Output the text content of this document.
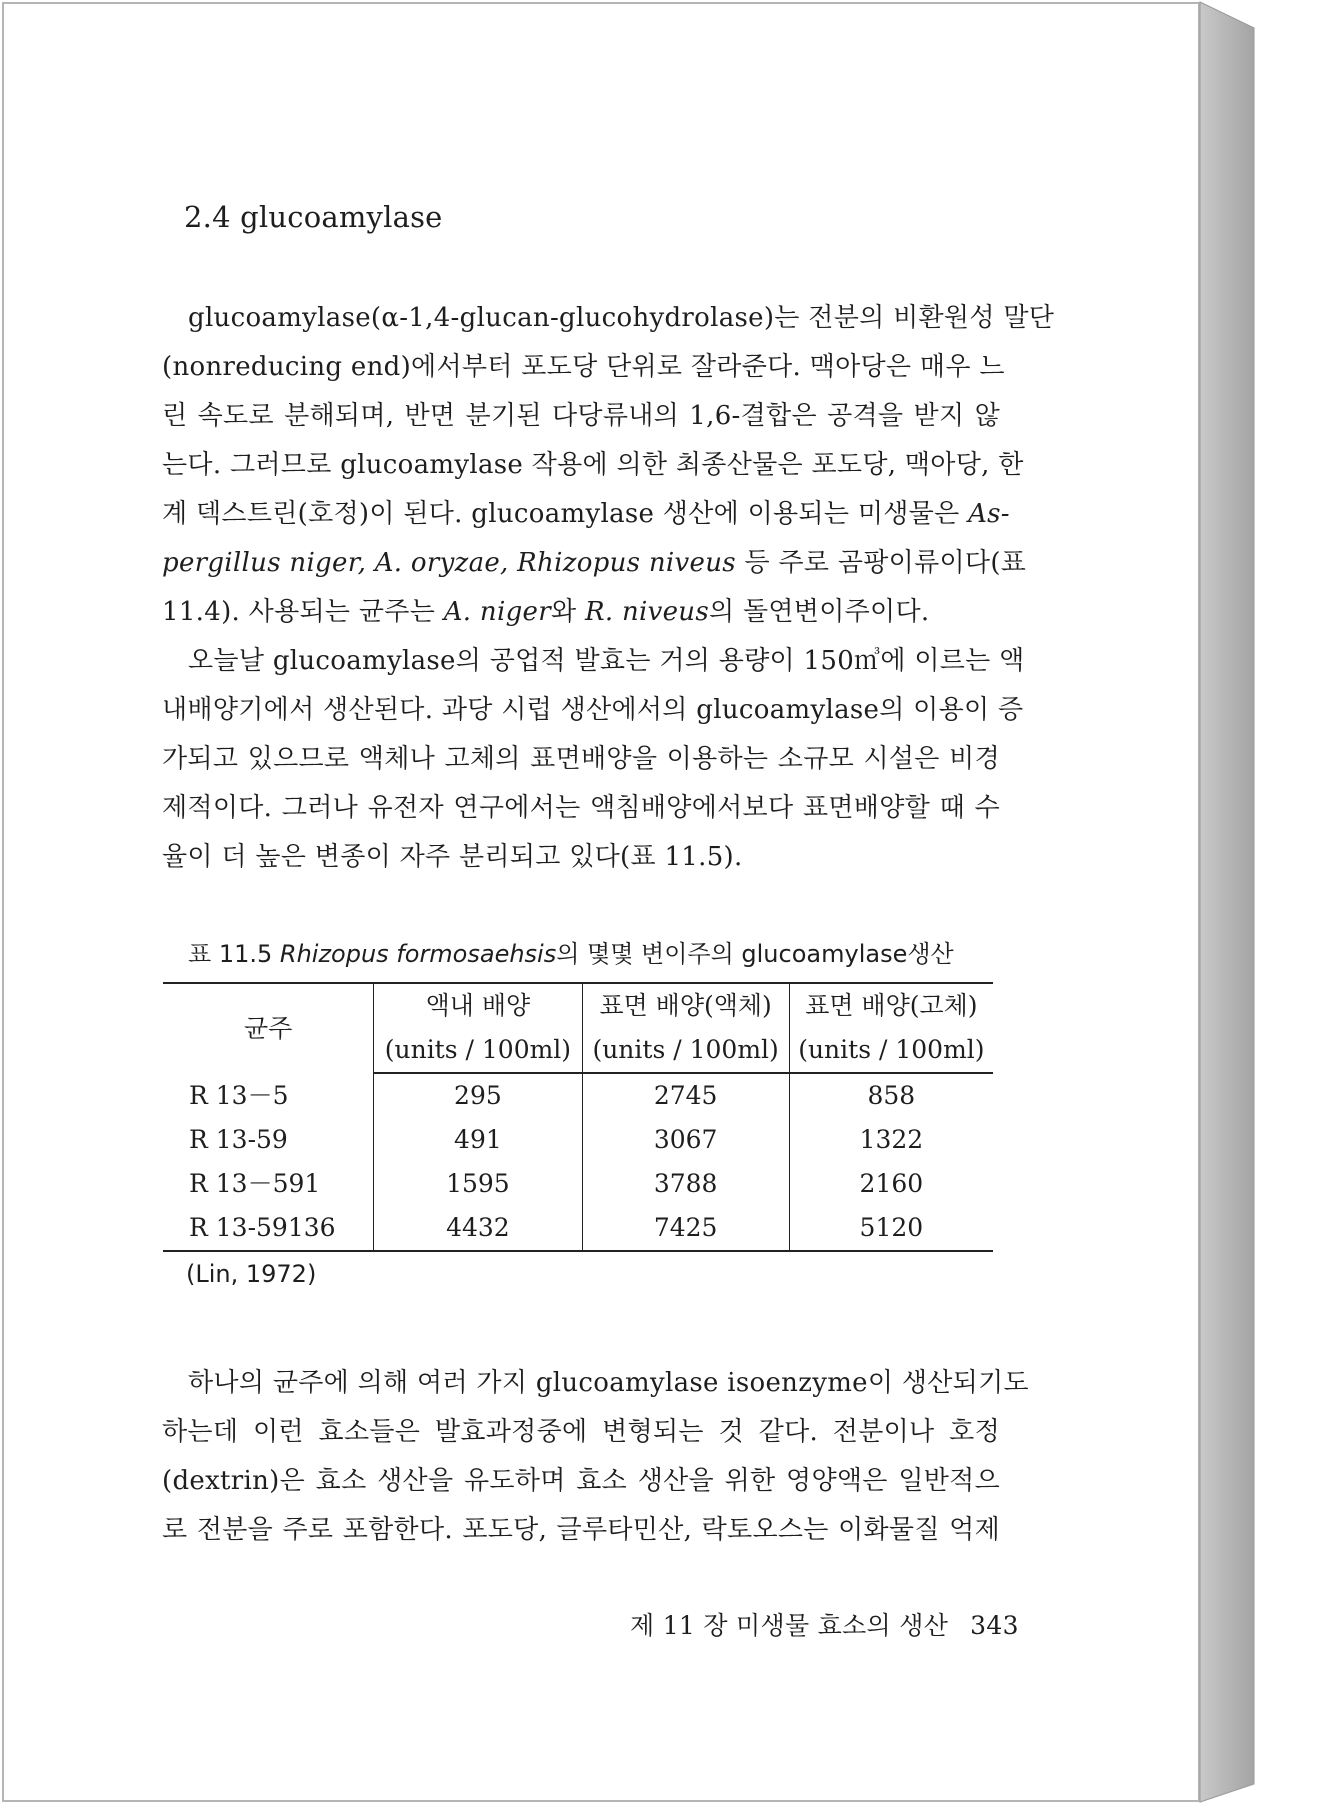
2.4 glucoamylase
glucoamylase(α-1,4-glucan-glucohydrolase)는 전분의 비환원성 말단
(nonreducing end)에서부터 포도당 단위로 잘라준다. 맥아당은 매우 느
린 속도로 분해되며, 반면 분기된 다당류내의 1,6-결합은 공격을 받지 않
는다. 그러므로 glucoamylase 작용에 의한 최종산물은 포도당, 맥아당, 한
계 덱스트린(호정)이 된다. glucoamylase 생산에 이용되는 미생물은 As-
pergillus niger, A. oryzae, Rhizopus niveus 등 주로 곰팡이류이다(표
11.4). 사용되는 균주는 A. niger와 R. niveus의 돌연변이주이다.
오늘날 glucoamylase의 공업적 발효는 거의 용량이 150㎥에 이르는 액
내배양기에서 생산된다. 과당 시럽 생산에서의 glucoamylase의 이용이 증
가되고 있으므로 액체나 고체의 표면배양을 이용하는 소규모 시설은 비경
제적이다. 그러나 유전자 연구에서는 액침배양에서보다 표면배양할 때 수
율이 더 높은 변종이 자주 분리되고 있다(표 11.5).
표 11.5 Rhizopus formosaehsis의 몇몇 변이주의 glucoamylase생산
균주	액내 배양	표면 배양(액체)	표면 배양(고체)
	(units / 100ml)	(units / 100ml)	(units / 100ml)
R 13－5	295	2745	858
R 13-59	491	3067	1322
R 13－591	1595	3788	2160
R 13-59136	4432	7425	5120
(Lin, 1972)
하나의 균주에 의해 여러 가지 glucoamylase isoenzyme이 생산되기도
하는데 이런 효소들은 발효과정중에 변형되는 것 같다. 전분이나 호정
(dextrin)은 효소 생산을 유도하며 효소 생산을 위한 영양액은 일반적으
로 전분을 주로 포함한다. 포도당, 글루타민산, 락토오스는 이화물질 억제
제 11 장 미생물 효소의 생산 343
